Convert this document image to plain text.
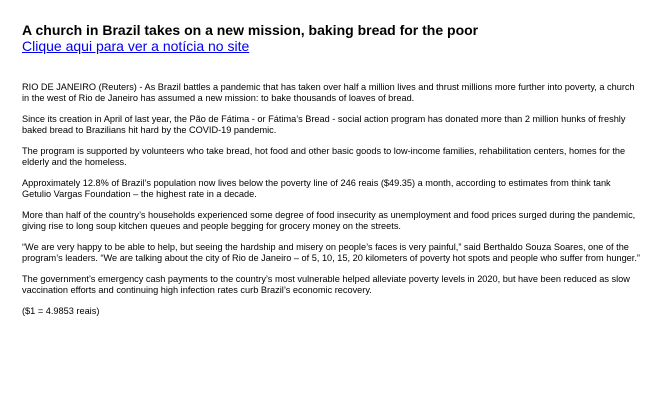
A church in Brazil takes on a new mission, baking bread for the poor
Clique aqui para ver a notícia no site

RIO DE JANEIRO (Reuters) - As Brazil battles a pandemic that has taken over half a million lives and thrust millions more further into poverty, a church in the west of Rio de Janeiro has assumed a new mission: to bake thousands of loaves of bread.

Since its creation in April of last year, the Pão de Fátima - or Fátima’s Bread - social action program has donated more than 2 million hunks of freshly baked bread to Brazilians hit hard by the COVID-19 pandemic.

The program is supported by volunteers who take bread, hot food and other basic goods to low-income families, rehabilitation centers, homes for the elderly and the homeless.

Approximately 12.8% of Brazil’s population now lives below the poverty line of 246 reais ($49.35) a month, according to estimates from think tank Getulio Vargas Foundation – the highest rate in a decade.

More than half of the country’s households experienced some degree of food insecurity as unemployment and food prices surged during the pandemic, giving rise to long soup kitchen queues and people begging for grocery money on the streets.

“We are very happy to be able to help, but seeing the hardship and misery on people’s faces is very painful,” said Berthaldo Souza Soares, one of the program’s leaders. “We are talking about the city of Rio de Janeiro – of 5, 10, 15, 20 kilometers of poverty hot spots and people who suffer from hunger.”

The government’s emergency cash payments to the country’s most vulnerable helped alleviate poverty levels in 2020, but have been reduced as slow vaccination efforts and continuing high infection rates curb Brazil’s economic recovery.

($1 = 4.9853 reais)
